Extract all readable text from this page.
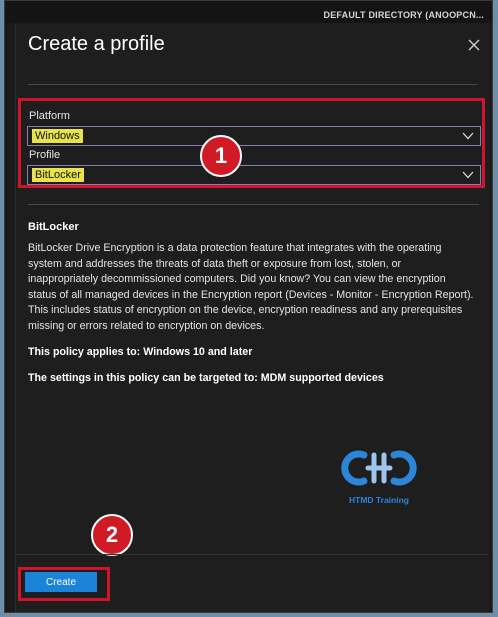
DEFAULT DIRECTORY (ANOOPCN...
Create a profile
Platform
Windows
Profile
BitLocker
1
BitLocker
BitLocker Drive Encryption is a data protection feature that integrates with the operating system and addresses the threats of data theft or exposure from lost, stolen, or inappropriately decommissioned computers. Did you know? You can view the encryption status of all managed devices in the Encryption report (Devices - Monitor - Encryption Report). This includes status of encryption on the device, encryption readiness and any prerequisites missing or errors related to encryption on devices.
This policy applies to: Windows 10 and later
The settings in this policy can be targeted to: MDM supported devices
HTMD Training
2
Create
